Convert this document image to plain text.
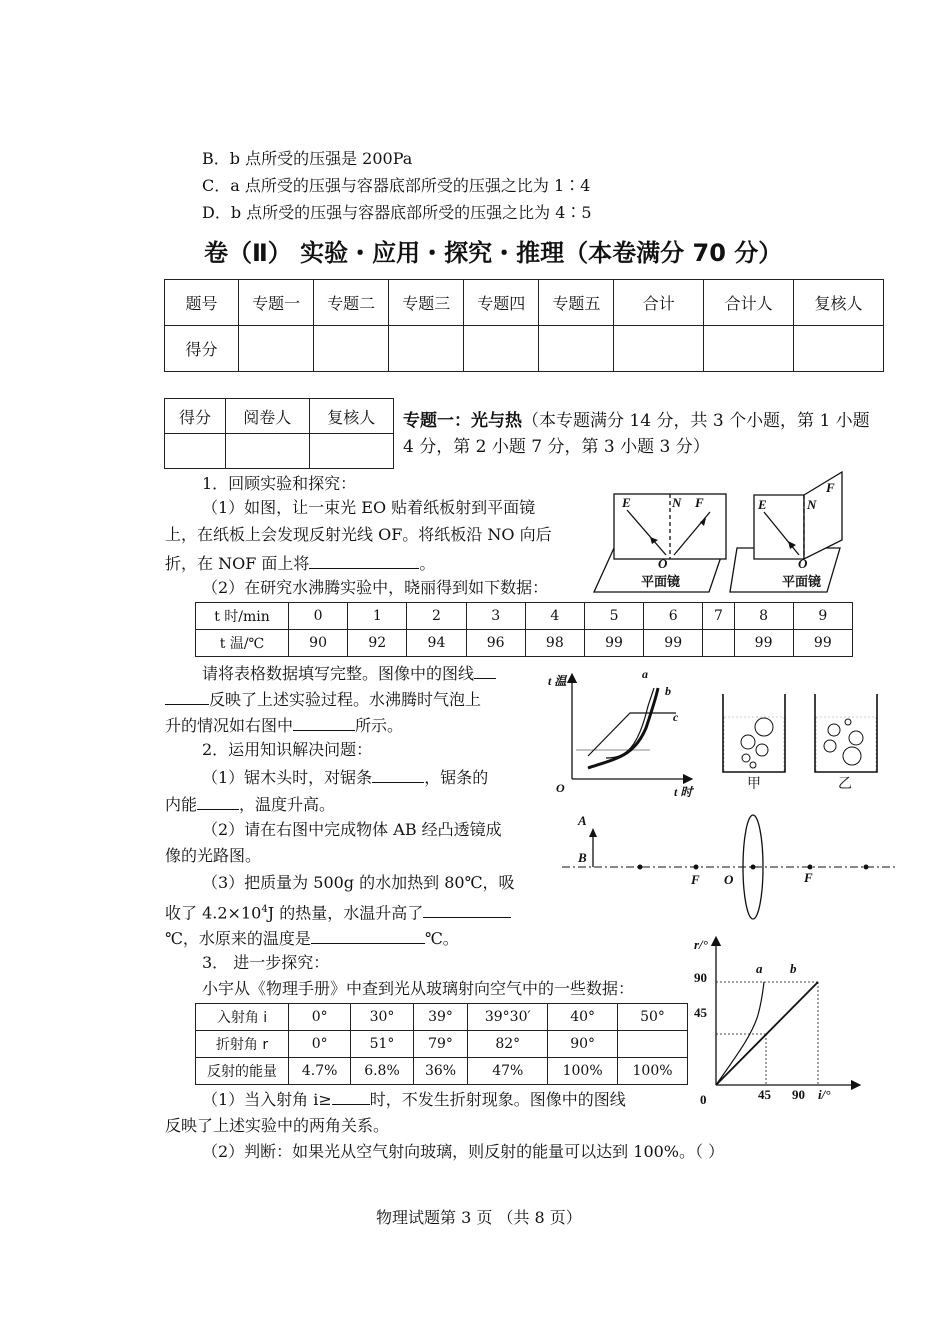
B．b 点所受的压强是 200Pa
C．a 点所受的压强与容器底部所受的压强之比为 1∶4
D．b 点所受的压强与容器底部所受的压强之比为 4∶5
卷（Ⅱ） 实验・应用・探究・推理（本卷满分 70 分）
题号	专题一	专题二	专题三	专题四	专题五	合计	合计人	复核人
得分								
得分	阅卷人	复核人
		专题一：光与热（本专题满分 14 分，共 3 个小题，第 1 小题
4 分，第 2 小题 7 分，第 3 小题 3 分）
1．回顾实验和探究：
（1）如图，让一束光 EO 贴着纸板射到平面镜
上，在纸板上会发现反射光线 OF。将纸板沿 NO 向后
折，在 NOF 面上将	。
（2）在研究水沸腾实验中，晓丽得到如下数据：
E	N F
O
E	N
F
O
平面镜	平面镜
t 时/min	0	1	2	3	4	5	6	7	8	9
t 温/℃	90	92	94	96	98	99	99		99	99
请将表格数据填写完整。图像中的图线
反映了上述实验过程。水沸腾时气泡上
升的情况如右图中	所示。
t 温
t 时
O
a
b
c
甲	乙
2．运用知识解决问题：
（1）锯木头时，对锯条	，锯条的
内能	，温度升高。
（2）请在右图中完成物体 AB 经凸透镜成
像的光路图。
（3）把质量为 500g 的水加热到 80℃，吸
收了 $4.2\times 10^4J$ 的热量，水温升高了
℃，水原来的温度是	℃。
A
B
F O	F
3． 进一步探究：
小宇从《物理手册》中查到光从玻璃射向空气中的一些数据：
入射角 i	0°	30°	39°	39°30′	40°	50°
折射角 r	0°	51°	79°	82°	90°	
反射的能量	4.7%	6.8%	36%	47%	100%	100%
（1）当入射角 i≥ 时，不发生折射现象。图像中的图线
反映了上述实验中的两角关系。
（2）判断：如果光从空气射向玻璃，则反射的能量可以达到 100%。（ ）
r/°
90
45
0	45 90 i/°
a b
物理试题第 3 页 （共 8 页）
